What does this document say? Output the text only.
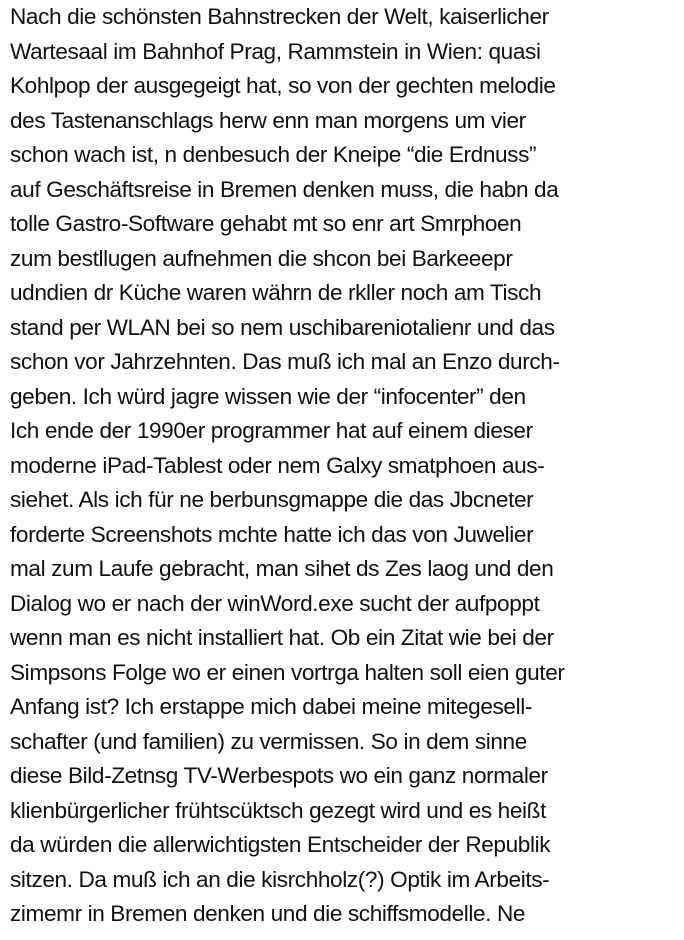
Nach die schönsten Bahnstrecken der Welt, kaiserlicher
Wartesaal im Bahnhof Prag, Rammstein in Wien: quasi
Kohlpop der ausgegeigt hat, so von der gechten melodie
des Tastenanschlags herw enn man morgens um vier
schon wach ist, n denbesuch der Kneipe “die Erdnuss”
auf Geschäftsreise in Bremen denken muss, die habn da
tolle Gastro-Software gehabt mt so enr art Smrphoen
zum bestllugen aufnehmen die shcon bei Barkeeepr
udndien dr Küche waren währn de rkller noch am Tisch
stand per WLAN bei so nem uschibareniotalienr und das
schon vor Jahrzehnten. Das muß ich mal an Enzo durch-
geben. Ich würd jagre wissen wie der “infocenter” den
Ich ende der 1990er programmer hat auf einem dieser
moderne iPad-Tablest oder nem Galxy smatphoen aus-
siehet. Als ich für ne berbunsgmappe die das Jbcneter
forderte Screenshots mchte hatte ich das von Juwelier
mal zum Laufe gebracht, man sihet ds Zes laog und den
Dialog wo er nach der winWord.exe sucht der aufpoppt
wenn man es nicht installiert hat. Ob ein Zitat wie bei der
Simpsons Folge wo er einen vortrga halten soll eien guter
Anfang ist? Ich erstappe mich dabei meine mitegesell-
schafter (und familien) zu vermissen. So in dem sinne
diese Bild-Zetnsg TV-Werbespots wo ein ganz normaler
klienbürgerlicher frühtscüktsch gezegt wird und es heißt
da würden die allerwichtigsten Entscheider der Republik
sitzen. Da muß ich an die kisrchholz(?) Optik im Arbeits-
zimemr in Bremen denken und die schiffsmodelle. Ne
